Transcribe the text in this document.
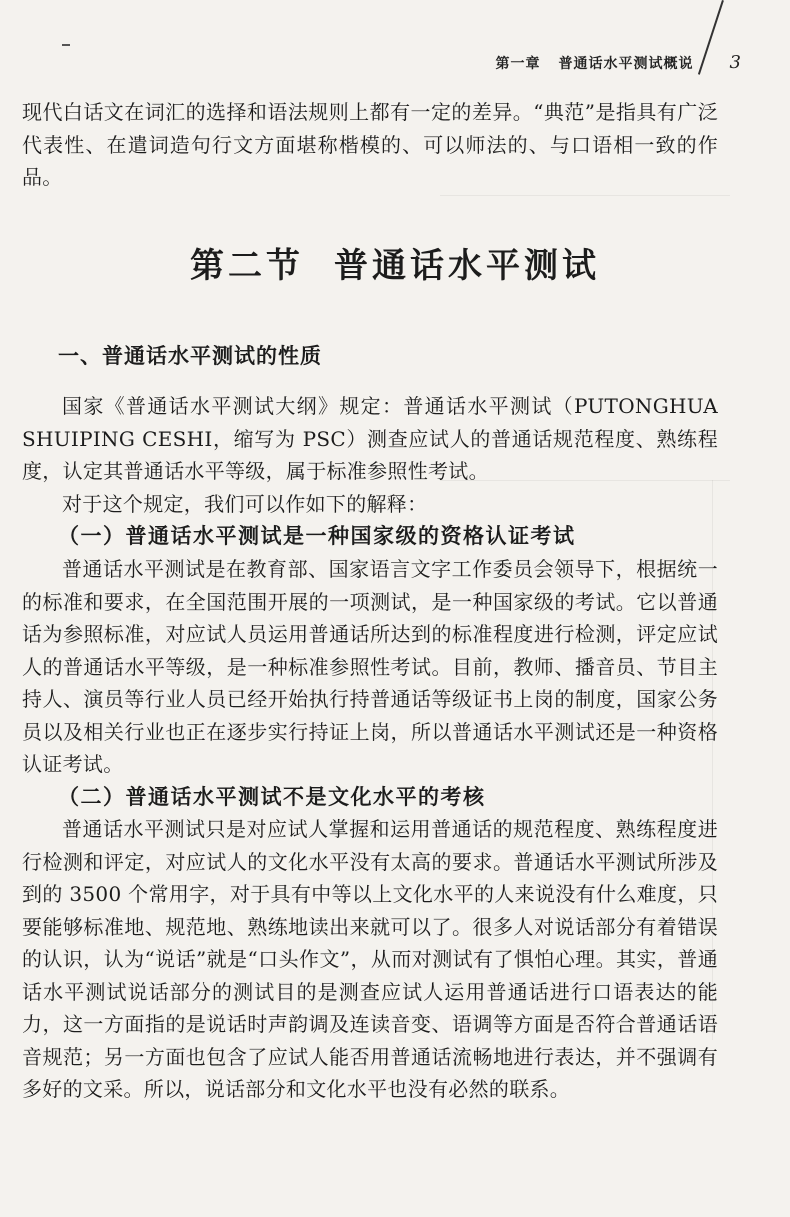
第一章 普通话水平测试概说 3
现代白话文在词汇的选择和语法规则上都有一定的差异。“典范”是指具有广泛代表性、在遣词造句行文方面堪称楷模的、可以师法的、与口语相一致的作品。
第二节 普通话水平测试
一、普通话水平测试的性质
国家《普通话水平测试大纲》规定：普通话水平测试（PUTONGHUA SHUIPING CESHI，缩写为 PSC）测查应试人的普通话规范程度、熟练程度，认定其普通话水平等级，属于标准参照性考试。
对于这个规定，我们可以作如下的解释：
（一）普通话水平测试是一种国家级的资格认证考试
普通话水平测试是在教育部、国家语言文字工作委员会领导下，根据统一的标准和要求，在全国范围开展的一项测试，是一种国家级的考试。它以普通话为参照标准，对应试人员运用普通话所达到的标准程度进行检测，评定应试人的普通话水平等级，是一种标准参照性考试。目前，教师、播音员、节目主持人、演员等行业人员已经开始执行持普通话等级证书上岗的制度，国家公务员以及相关行业也正在逐步实行持证上岗，所以普通话水平测试还是一种资格认证考试。
（二）普通话水平测试不是文化水平的考核
普通话水平测试只是对应试人掌握和运用普通话的规范程度、熟练程度进行检测和评定，对应试人的文化水平没有太高的要求。普通话水平测试所涉及到的 3500 个常用字，对于具有中等以上文化水平的人来说没有什么难度，只要能够标准地、规范地、熟练地读出来就可以了。很多人对说话部分有着错误的认识，认为“说话”就是“口头作文”，从而对测试有了惧怕心理。其实，普通话水平测试说话部分的测试目的是测查应试人运用普通话进行口语表达的能力，这一方面指的是说话时声韵调及连读音变、语调等方面是否符合普通话语音规范；另一方面也包含了应试人能否用普通话流畅地进行表达，并不强调有多好的文采。所以，说话部分和文化水平也没有必然的联系。
